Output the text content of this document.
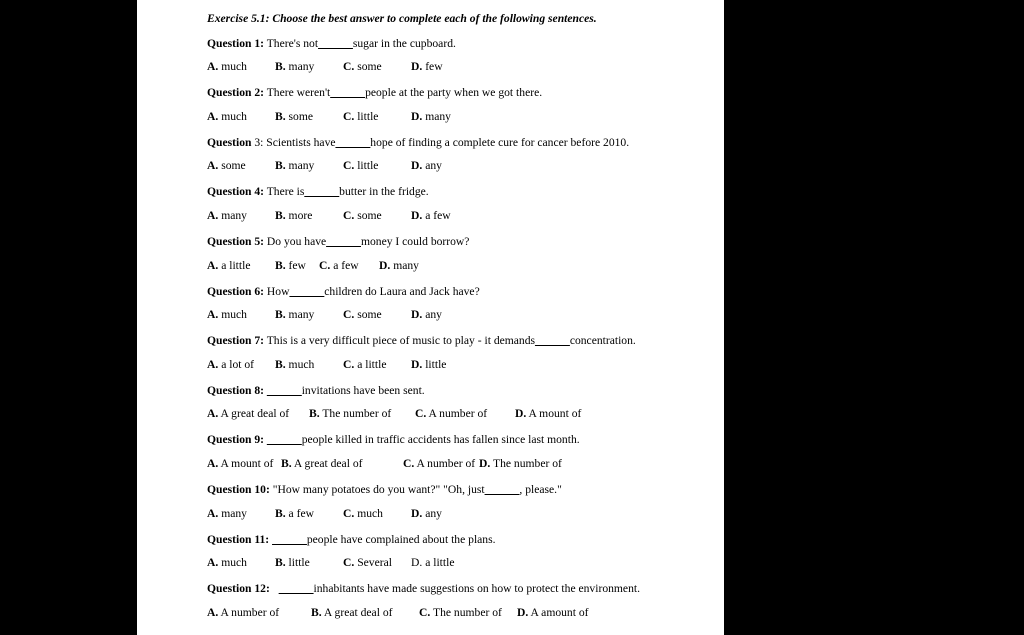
Exercise 5.1: Choose the best answer to complete each of the following sentences.
Question 1: There's not______sugar in the cupboard.
A. much B. many C. some	D. few
Question 2: There weren't______people at the party when we got there.
A. much B. some	C. little	D. many
Question 3: Scientists have______hope of finding a complete cure for cancer before 2010.
A. some	B. many C. little	D. any
Question 4: There is______butter in the fridge.
A. many B. more	C. some	D. a few
Question 5: Do you have______money I could borrow?
A. a little B. few C. a few D. many
Question 6: How______children do Laura and Jack have?
A. much B. many C. some	D. any
Question 7: This is a very difficult piece of music to play - it demands______concentration.
A. a lot of B. much C. a little D. little
Question 8: ______invitations have been sent.
A. A great deal of B. The number of C. A number of D. A mount of
Question 9: ______people killed in traffic accidents has fallen since last month.
A. A mount of B. A great deal of	C. A number of D. The number of
Question 10: "How many potatoes do you want?" "Oh, just______, please."
A. many B. a few	C. much D. any
Question 11: ______people have complained about the plans.
A. much B. little	C. Several D. a little
Question 12: ______inhabitants have made suggestions on how to protect the environment.
A. A number of	B. A great deal of C. The number of D. A amount of
